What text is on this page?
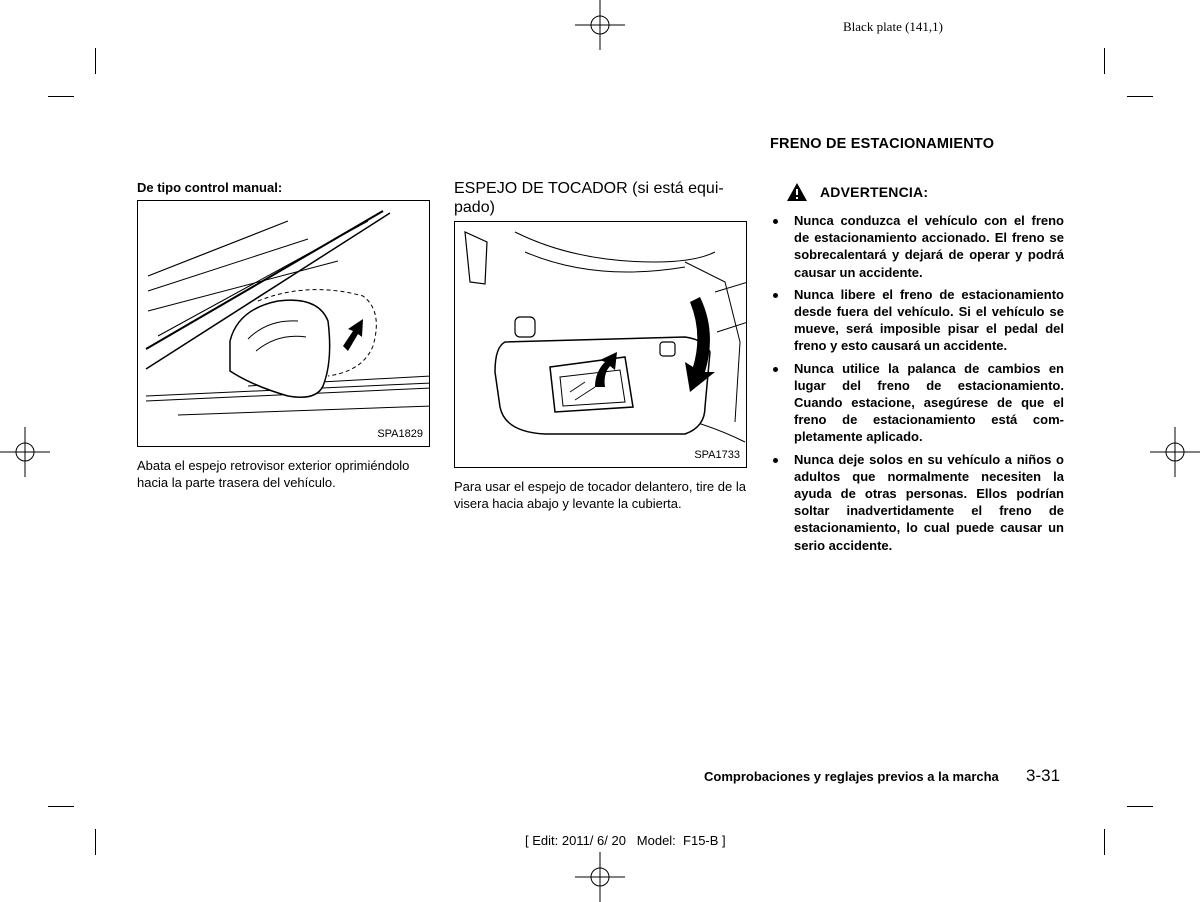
Black plate (141,1)
De tipo control manual:
SPA1829
Abata el espejo retrovisor exterior oprimiéndolo hacia la parte trasera del vehículo.
ESPEJO DE TOCADOR (si está equi-
pado)
SPA1733
Para usar el espejo de tocador delantero, tire de la visera hacia abajo y levante la cubierta.
FRENO DE ESTACIONAMIENTO
ADVERTENCIA:
Nunca conduzca el vehículo con el freno de estacionamiento accionado. El freno se sobrecalentará y dejará de operar y podrá causar un accidente.
Nunca libere el freno de estacionamiento desde fuera del vehículo. Si el vehículo se mueve, será imposible pisar el pedal del freno y esto causará un accidente.
Nunca utilice la palanca de cambios en lugar del freno de estacionamiento. Cuando estacione, asegúrese de que el freno de estacionamiento está completamente aplicado.
Nunca deje solos en su vehículo a niños o adultos que normalmente necesiten la ayuda de otras personas. Ellos podrían soltar inadvertidamente el freno de estacionamiento, lo cual puede causar un serio accidente.
Comprobaciones y reglajes previos a la marcha 3-31
[ Edit: 2011/ 6/ 20   Model:  F15-B ]
